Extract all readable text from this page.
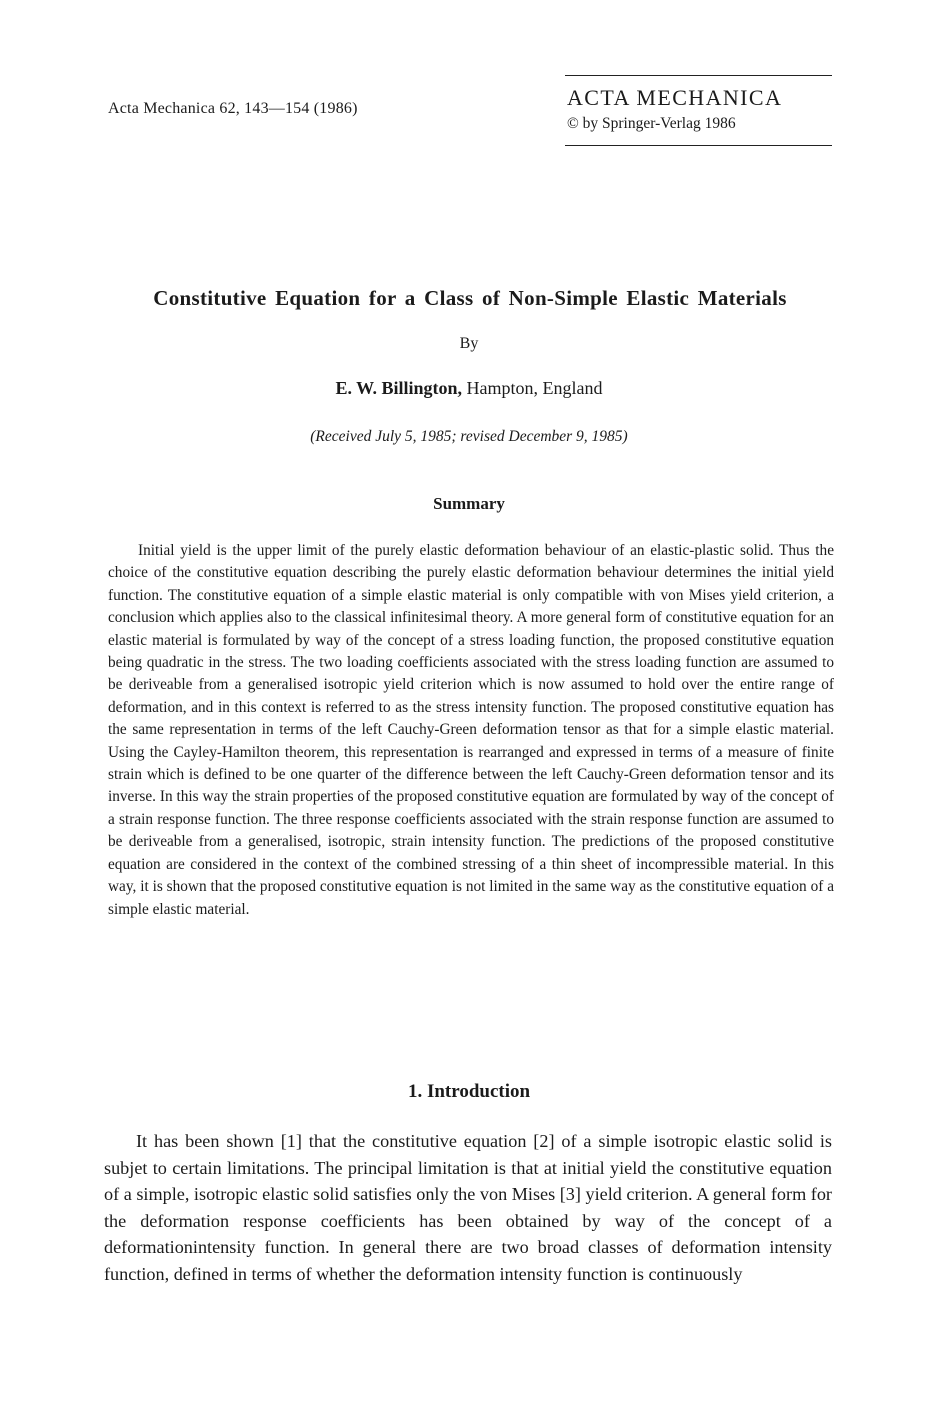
Acta Mechanica 62, 143—154 (1986)	ACTA MECHANICA
© by Springer-Verlag 1986
Constitutive Equation for a Class of Non-Simple Elastic Materials
By
E. W. Billington, Hampton, England
(Received July 5, 1985; revised December 9, 1985)
Summary

Initial yield is the upper limit of the purely elastic deformation behaviour of an elastic-plastic solid. Thus the choice of the constitutive equation describing the purely elastic deformation behaviour determines the initial yield function. The constitutive equation of a simple elastic material is only compatible with von Mises yield criterion, a conclusion which applies also to the classical infinitesimal theory. A more general form of constitutive equation for an elastic material is formulated by way of the concept of a stress loading function, the proposed constitutive equation being quadratic in the stress. The two loading coefficients associated with the stress loading function are assumed to be deriveable from a generalised isotropic yield criterion which is now assumed to hold over the entire range of deformation, and in this context is referred to as the stress intensity function. The proposed constitutive equation has the same representation in terms of the left Cauchy-Green deformation tensor as that for a simple elastic material. Using the Cayley-Hamilton theorem, this representation is rearranged and expressed in terms of a measure of finite strain which is defined to be one quarter of the difference between the left Cauchy-Green deformation tensor and its inverse. In this way the strain properties of the proposed constitutive equation are formulated by way of the concept of a strain response function. The three response coefficients associated with the strain response function are assumed to be deriveable from a generalised, isotropic, strain intensity function. The predictions of the proposed constitutive equation are considered in the context of the combined stressing of a thin sheet of incompressible material. In this way, it is shown that the proposed constitutive equation is not limited in the same way as the constitutive equation of a simple elastic material.

1. Introduction

It has been shown [1] that the constitutive equation [2] of a simple isotropic elastic solid is subjet to certain limitations. The principal limitation is that at initial yield the constitutive equation of a simple, isotropic elastic solid satisfies only the von Mises [3] yield criterion. A general form for the deformation response coefficients has been obtained by way of the concept of a deformationintensity function. In general there are two broad classes of deformation intensity function, defined in terms of whether the deformation intensity function is continuously
